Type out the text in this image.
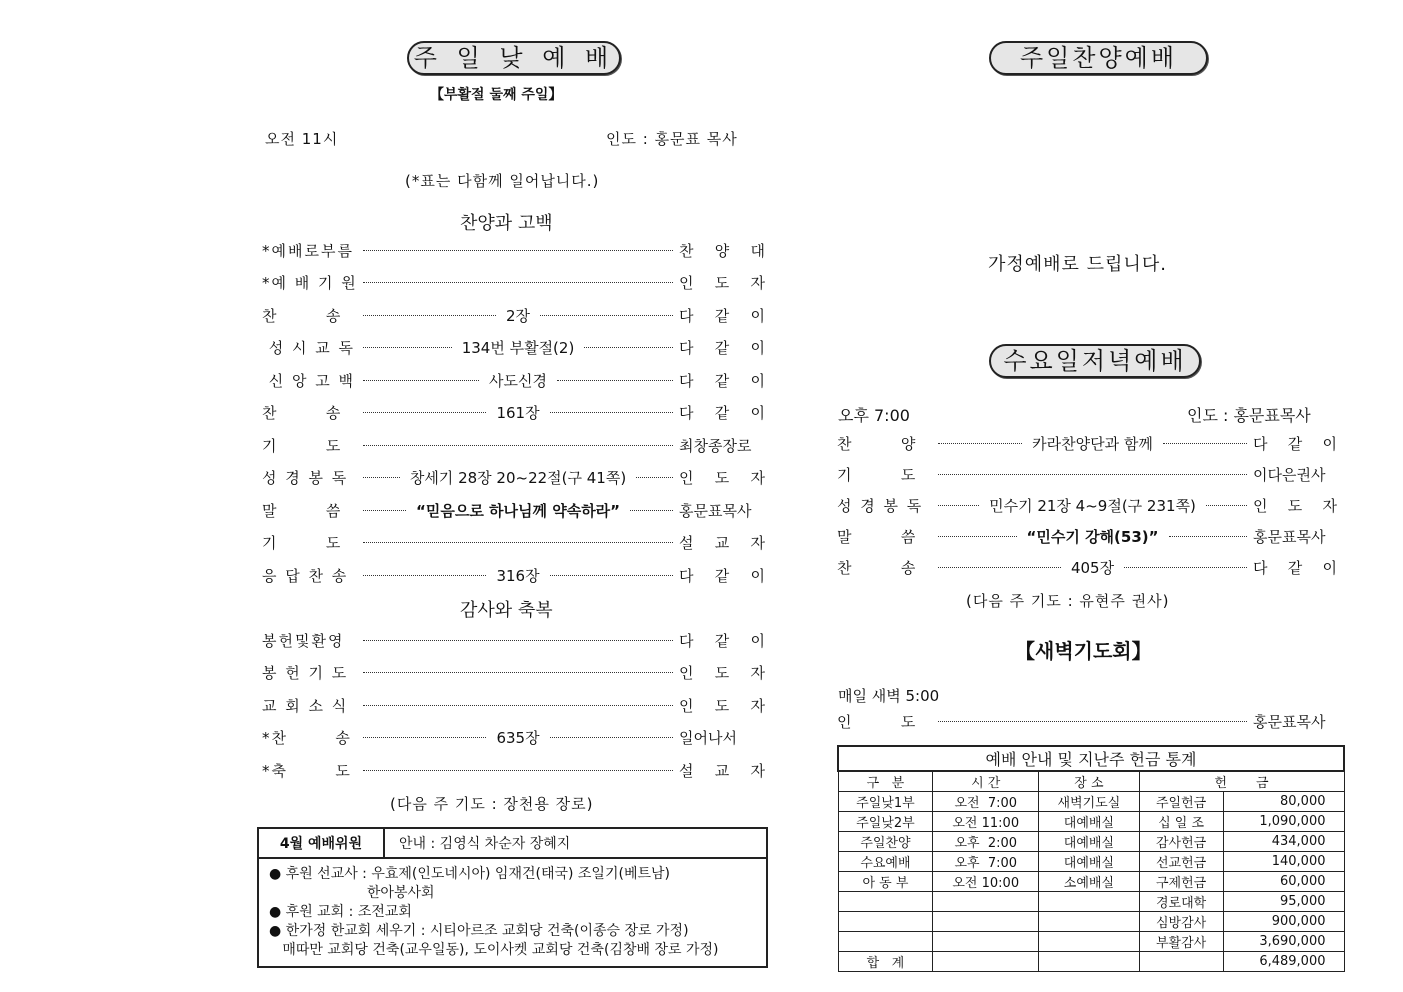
주 일 낮 예 배
【부활절 둘째 주일】
오전 11시	인도 : 홍문표 목사
(*표는 다함께 일어납니다.)
찬양과 고백
*예배로부름	찬 양 대
*예 배 기 원	인 도 자
찬       송	2장	다 같 이
성 시 교 독	134번 부활절(2)	다 같 이
신 앙 고 백	사도신경	다 같 이
찬       송	161장	다 같 이
기       도	최창종장로
성 경 봉 독	창세기 28장 20~22절(구 41쪽)	인 도 자
말       씀	“믿음으로 하나님께 약속하라”	홍문표목사
기       도	설 교 자
응 답 찬 송	316장	다 같 이
감사와 축복
봉헌및환영	다 같 이
봉 헌 기 도	인 도 자
교 회 소 식	인 도 자
*찬       송	635장	일어나서
*축       도	설 교 자
(다음 주 기도 : 장천용 장로)
4월 예배위원	안내 : 김영식 차순자 장혜지
● 후원 선교사 : 우효제(인도네시아) 임재건(태국) 조일기(베트남)
한아봉사회
● 후원 교회 : 조전교회
● 한가정 한교회 세우기 : 시티아르조 교회당 건축(이종승 장로 가정)
매따만 교회당 건축(교우일동), 도이사켓 교회당 건축(김창배 장로 가정)
주일찬양예배
가정예배로 드립니다.
수요일저녁예배
오후 7:00	인도 : 홍문표목사
찬       양	카라찬양단과 함께	다 같 이
기       도	이다은권사
성 경 봉 독	민수기 21장 4~9절(구 231쪽)	인 도 자
말       씀	“민수기 강해(53)”	홍문표목사
찬       송	405장	다 같 이
(다음 주 기도 : 유현주 권사)
【새벽기도회】
매일 새벽 5:00
인       도	홍문표목사
예배 안내 및 지난주 헌금 통계				
구   분	시 간	장 소	헌       금	
주일낮1부	오전  7:00	새벽기도실	주일헌금	80,000
주일낮2부	오전 11:00	대예배실	십 일 조	1,090,000
주일찬양	오후  2:00	대예배실	감사헌금	434,000
수요예배	오후  7:00	대예배실	선교헌금	140,000
아 동 부	오전 10:00	소예배실	구제헌금	60,000
			경로대학	95,000
			심방감사	900,000
			부활감사	3,690,000
합   계				6,489,000
